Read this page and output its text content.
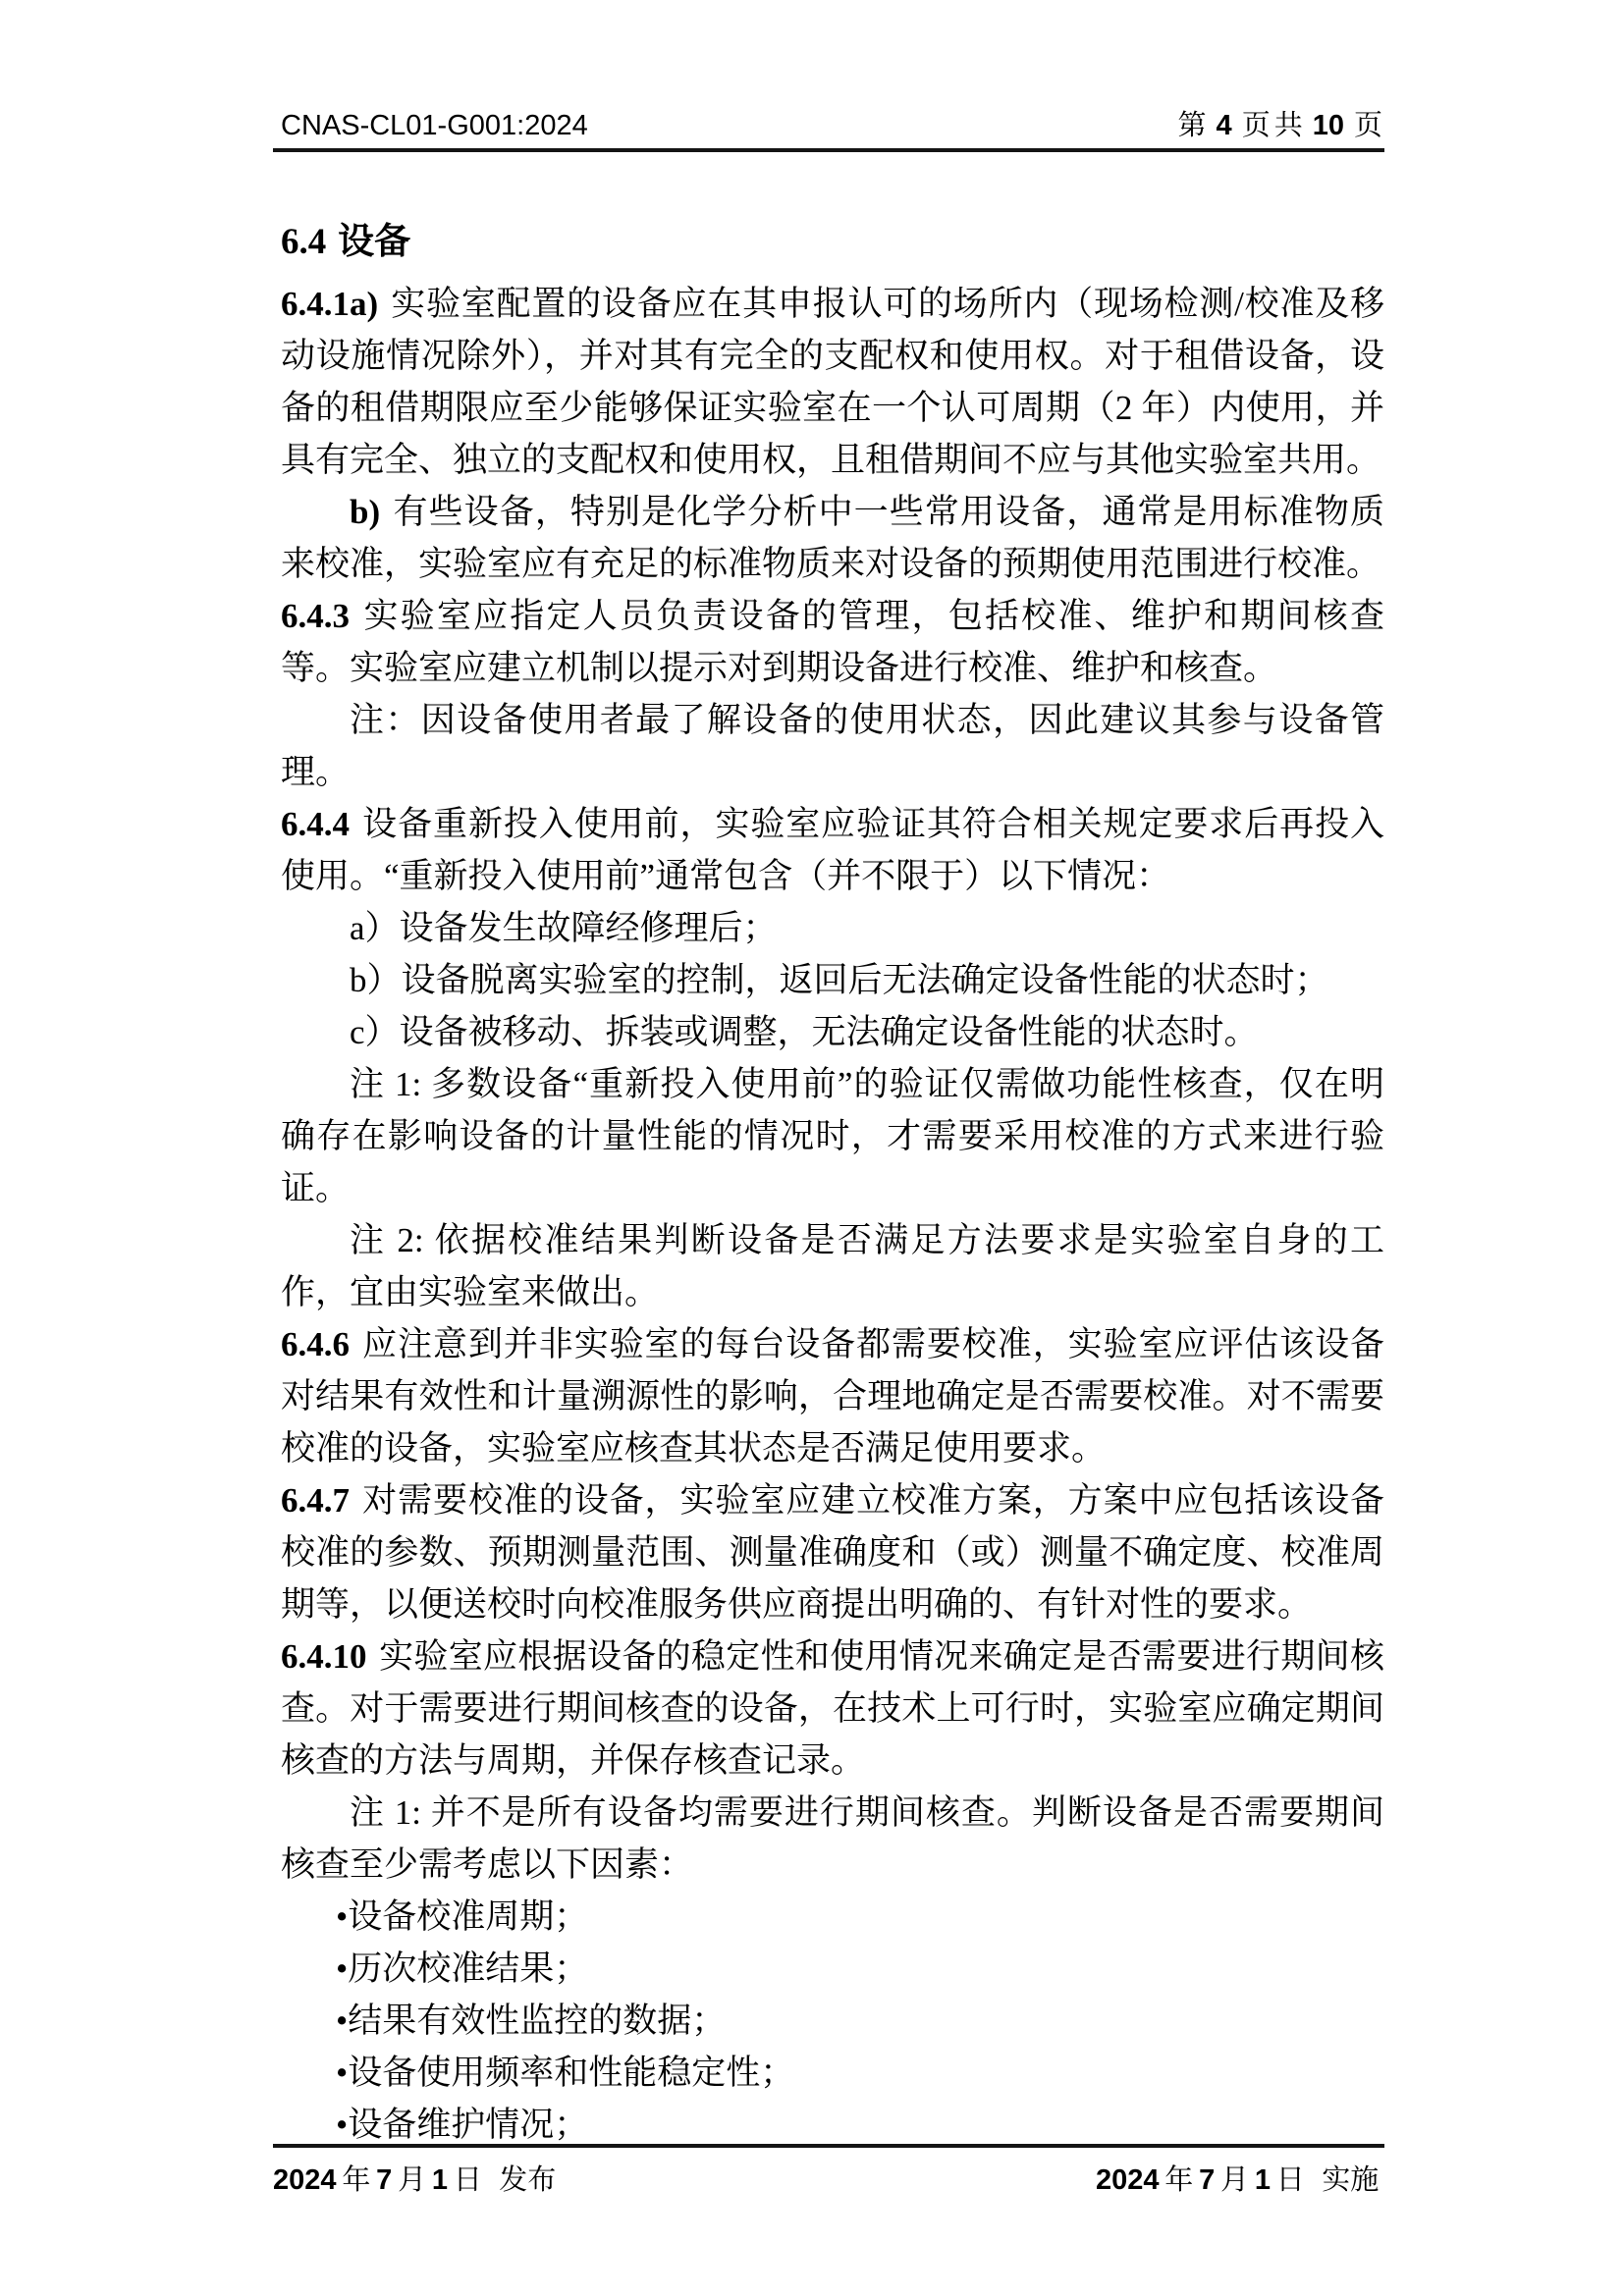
CNAS-CL01-G001:2024	第 4 页 共 10 页
6.4 设备

6.4.1a) 实验室配置的设备应在其申报认可的场所内（现场检测/校准及移动设施情况除外），并对其有完全的支配权和使用权。对于租借设备，设备的租借期限应至少能够保证实验室在一个认可周期（2 年）内使用，并具有完全、独立的支配权和使用权，且租借期间不应与其他实验室共用。

b) 有些设备，特别是化学分析中一些常用设备，通常是用标准物质来校准，实验室应有充足的标准物质来对设备的预期使用范围进行校准。

6.4.3 实验室应指定人员负责设备的管理，包括校准、维护和期间核查等。实验室应建立机制以提示对到期设备进行校准、维护和核查。

注：因设备使用者最了解设备的使用状态，因此建议其参与设备管理。

6.4.4 设备重新投入使用前，实验室应验证其符合相关规定要求后再投入使用。“重新投入使用前”通常包含（并不限于）以下情况：

a）设备发生故障经修理后；

b）设备脱离实验室的控制，返回后无法确定设备性能的状态时；

c）设备被移动、拆装或调整，无法确定设备性能的状态时。

注 1: 多数设备“重新投入使用前”的验证仅需做功能性核查，仅在明确存在影响设备的计量性能的情况时，才需要采用校准的方式来进行验证。

注 2: 依据校准结果判断设备是否满足方法要求是实验室自身的工作，宜由实验室来做出。

6.4.6 应注意到并非实验室的每台设备都需要校准，实验室应评估该设备对结果有效性和计量溯源性的影响，合理地确定是否需要校准。对不需要校准的设备，实验室应核查其状态是否满足使用要求。

6.4.7 对需要校准的设备，实验室应建立校准方案，方案中应包括该设备校准的参数、预期测量范围、测量准确度和（或）测量不确定度、校准周期等，以便送校时向校准服务供应商提出明确的、有针对性的要求。

6.4.10 实验室应根据设备的稳定性和使用情况来确定是否需要进行期间核查。对于需要进行期间核查的设备，在技术上可行时，实验室应确定期间核查的方法与周期，并保存核查记录。

注 1: 并不是所有设备均需要进行期间核查。判断设备是否需要期间核查至少需考虑以下因素：

•设备校准周期；

•历次校准结果；

•结果有效性监控的数据；

•设备使用频率和性能稳定性；

•设备维护情况；

2024 年 7 月 1 日 发布	2024 年 7 月 1 日 实施
